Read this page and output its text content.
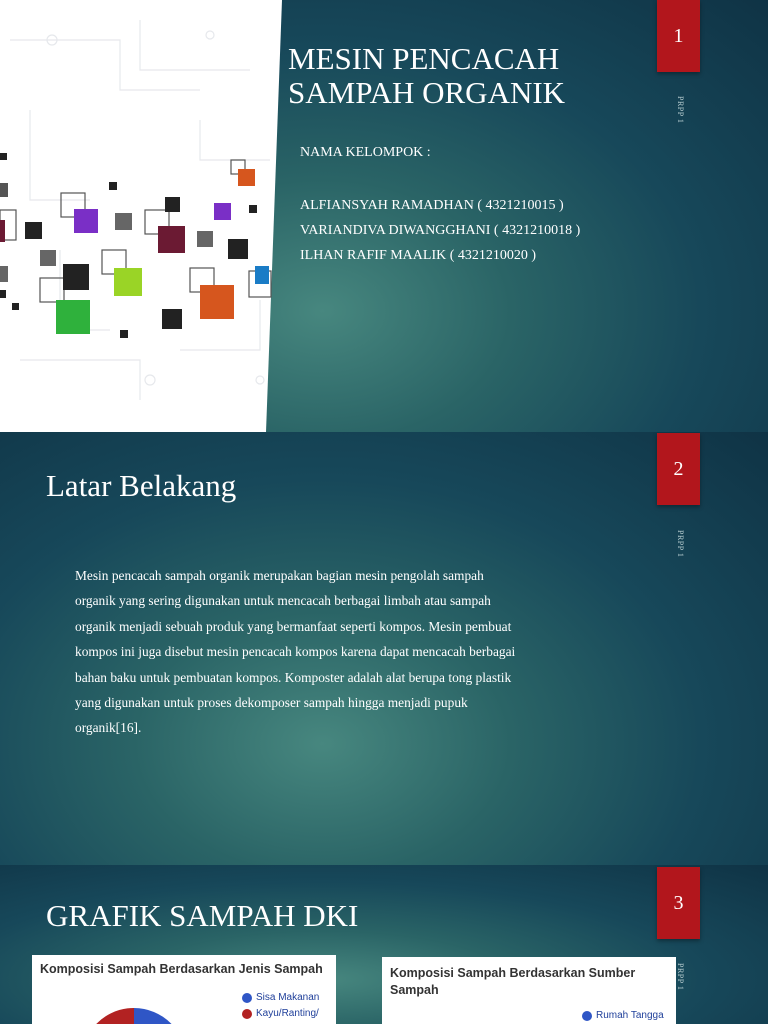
MESIN PENCACAH
SAMPAH ORGANIK
NAMA KELOMPOK :
ALFIANSYAH RAMADHAN ( 4321210015 )
VARIANDIVA DIWANGGHANI ( 4321210018 )
ILHAN RAFIF MAALIK ( 4321210020 )
1
PRPP 1
2
PRPP 1
Latar Belakang
Mesin pencacah sampah organik merupakan bagian mesin pengolah sampah
organik yang sering digunakan untuk mencacah berbagai limbah atau sampah
organik menjadi sebuah produk yang bermanfaat seperti kompos. Mesin pembuat
kompos ini juga disebut mesin pencacah kompos karena dapat mencacah berbagai
bahan baku untuk pembuatan kompos. Komposter adalah alat berupa tong plastik
yang digunakan untuk proses dekomposer sampah hingga menjadi pupuk
organik[16].
3
PRPP 1
GRAFIK SAMPAH DKI
Komposisi Sampah Berdasarkan Jenis Sampah
Sisa Makanan
Kayu/Ranting/
Komposisi Sampah Berdasarkan Sumber
Sampah
Rumah Tangga
